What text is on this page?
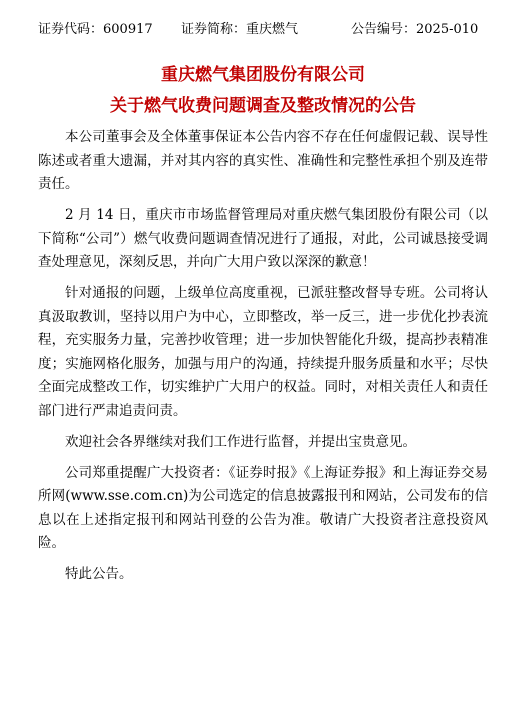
证券代码：600917 证券简称：重庆燃气	公告编号：2025-010
重庆燃气集团股份有限公司
关于燃气收费问题调查及整改情况的公告

本公司董事会及全体董事保证本公告内容不存在任何虚假记载、误导性陈述或者重大遗漏，并对其内容的真实性、准确性和完整性承担个别及连带责任。

2 月 14 日，重庆市市场监督管理局对重庆燃气集团股份有限公司（以下简称“公司”）燃气收费问题调查情况进行了通报，对此，公司诚恳接受调查处理意见，深刻反思，并向广大用户致以深深的歉意！

针对通报的问题，上级单位高度重视，已派驻整改督导专班。公司将认真汲取教训，坚持以用户为中心，立即整改，举一反三，进一步优化抄表流程，充实服务力量，完善抄收管理；进一步加快智能化升级，提高抄表精准度；实施网格化服务，加强与用户的沟通，持续提升服务质量和水平；尽快全面完成整改工作，切实维护广大用户的权益。同时，对相关责任人和责任部门进行严肃追责问责。

欢迎社会各界继续对我们工作进行监督，并提出宝贵意见。

公司郑重提醒广大投资者：《证券时报》《上海证券报》和上海证券交易所网(www.sse.com.cn)为公司选定的信息披露报刊和网站，公司发布的信息以在上述指定报刊和网站刊登的公告为准。敬请广大投资者注意投资风险。

特此公告。
